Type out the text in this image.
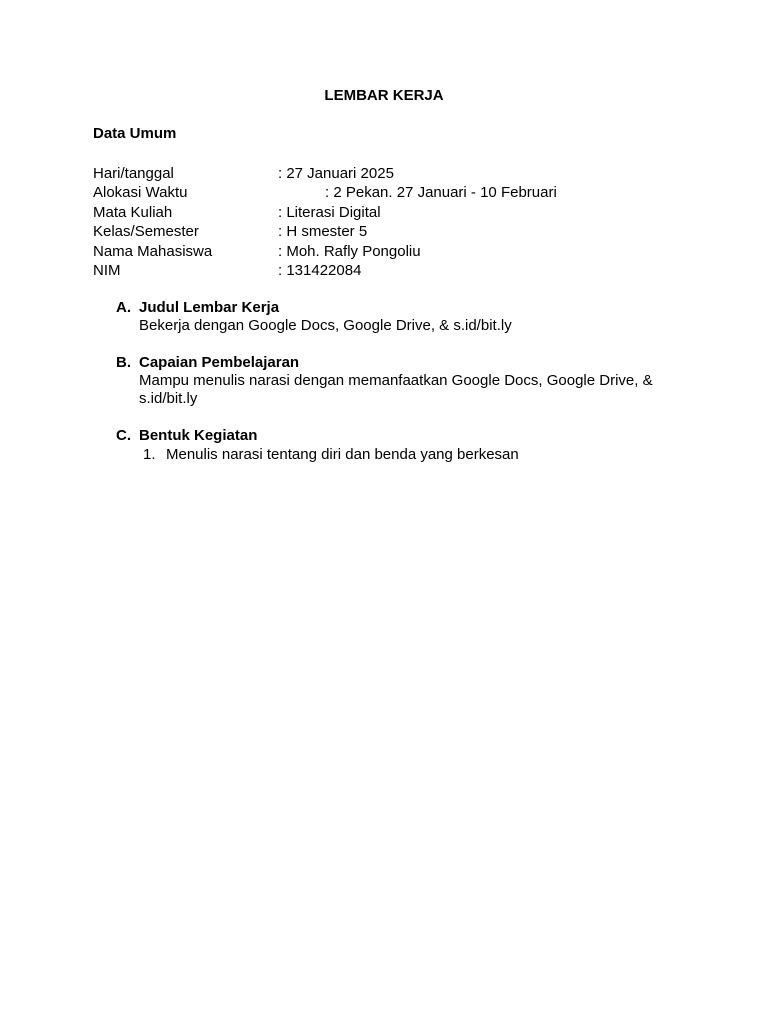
LEMBAR KERJA
Data Umum
Hari/tanggal	: 27 Januari 2025
Alokasi Waktu	: 2 Pekan. 27 Januari - 10 Februari
Mata Kuliah	: Literasi Digital
Kelas/Semester	: H smester 5
Nama Mahasiswa	: Moh. Rafly Pongoliu
NIM	: 131422084
A. Judul Lembar Kerja
Bekerja dengan Google Docs, Google Drive, & s.id/bit.ly
B. Capaian Pembelajaran
Mampu menulis narasi dengan memanfaatkan Google Docs, Google Drive, & s.id/bit.ly
C. Bentuk Kegiatan
1. Menulis narasi tentang diri dan benda yang berkesan
